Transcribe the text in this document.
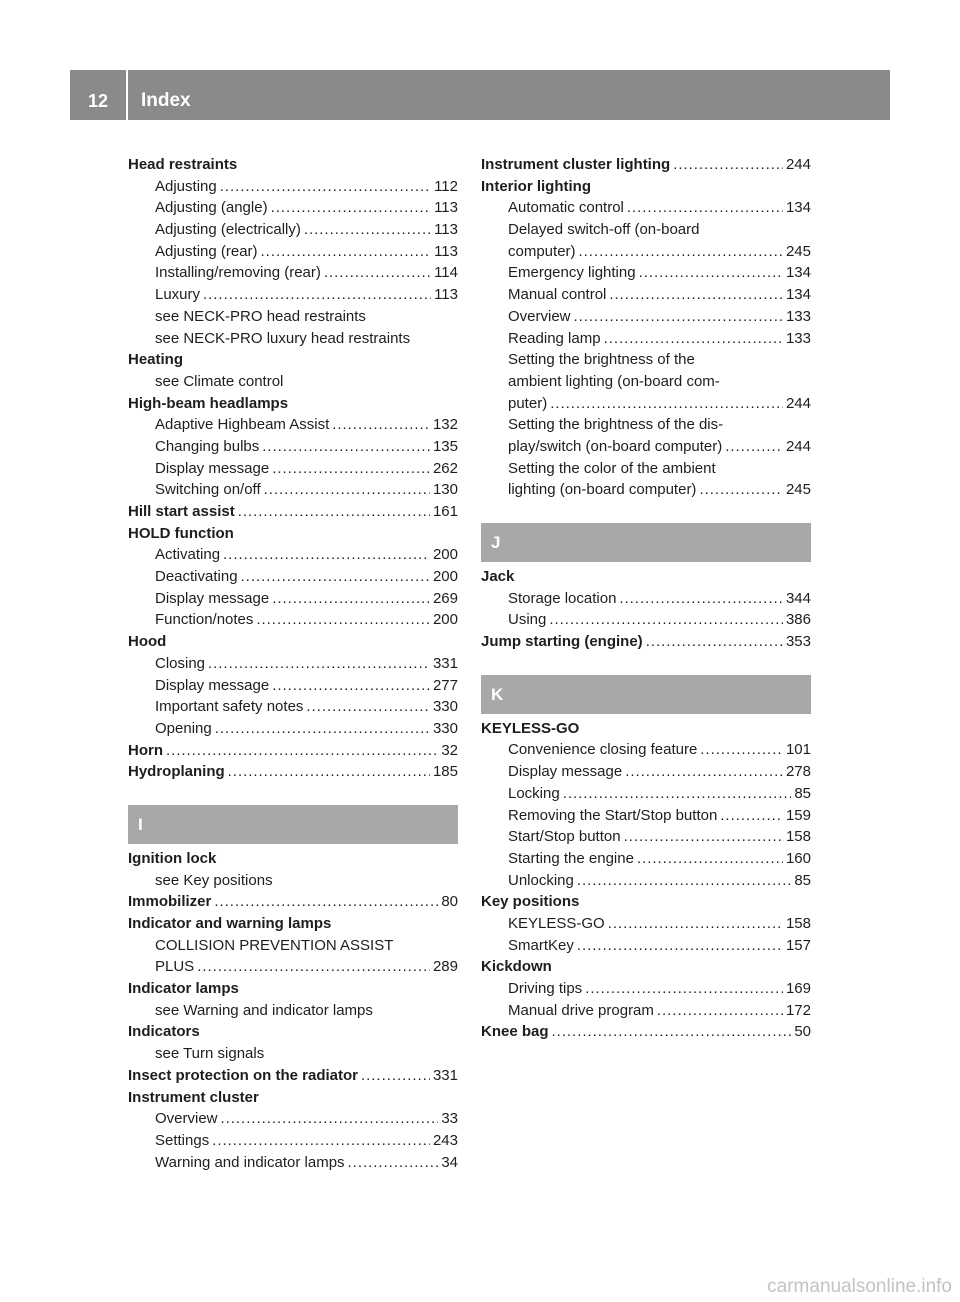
12	Index
Head restraints
Adjusting . . .	112
Adjusting (angle) . . .	113
Adjusting (electrically) . . .	113
Adjusting (rear) . . .	113
Installing/removing (rear) . . .	114
Luxury . . .	113
see NECK-PRO head restraints
see NECK-PRO luxury head restraints
Heating
see Climate control
High-beam headlamps
Adaptive Highbeam Assist . . .	132
Changing bulbs . . .	135
Display message . . .	262
Switching on/off . . .	130
Hill start assist . . .	161
HOLD function
Activating . . .	200
Deactivating . . .	200
Display message . . .	269
Function/notes . . .	200
Hood
Closing . . .	331
Display message . . .	277
Important safety notes . . .	330
Opening . . .	330
Horn . . .	32
Hydroplaning . . .	185
I
Ignition lock
see Key positions
Immobilizer . . .	80
Indicator and warning lamps
COLLISION PREVENTION ASSIST
PLUS . . .	289
Indicator lamps
see Warning and indicator lamps
Indicators
see Turn signals
Insect protection on the radiator . . .	331
Instrument cluster
Overview . . .	33
Settings . . .	243
Warning and indicator lamps . . .	34
Instrument cluster lighting . . .	244
Interior lighting
Automatic control . . .	134
Delayed switch-off (on-board
computer) . . .	245
Emergency lighting . . .	134
Manual control . . .	134
Overview . . .	133
Reading lamp . . .	133
Setting the brightness of the
ambient lighting (on-board com-
puter) . . .	244
Setting the brightness of the dis-
play/switch (on-board computer) . . .	244
Setting the color of the ambient
lighting (on-board computer) . . .	245
J
Jack
Storage location . . .	344
Using . . .	386
Jump starting (engine) . . .	353
K
KEYLESS-GO
Convenience closing feature . . .	101
Display message . . .	278
Locking . . .	85
Removing the Start/Stop button . . .	159
Start/Stop button . . .	158
Starting the engine . . .	160
Unlocking . . .	85
Key positions
KEYLESS-GO . . .	158
SmartKey . . .	157
Kickdown
Driving tips . . .	169
Manual drive program . . .	172
Knee bag . . .	50
carmanualsonline.info
